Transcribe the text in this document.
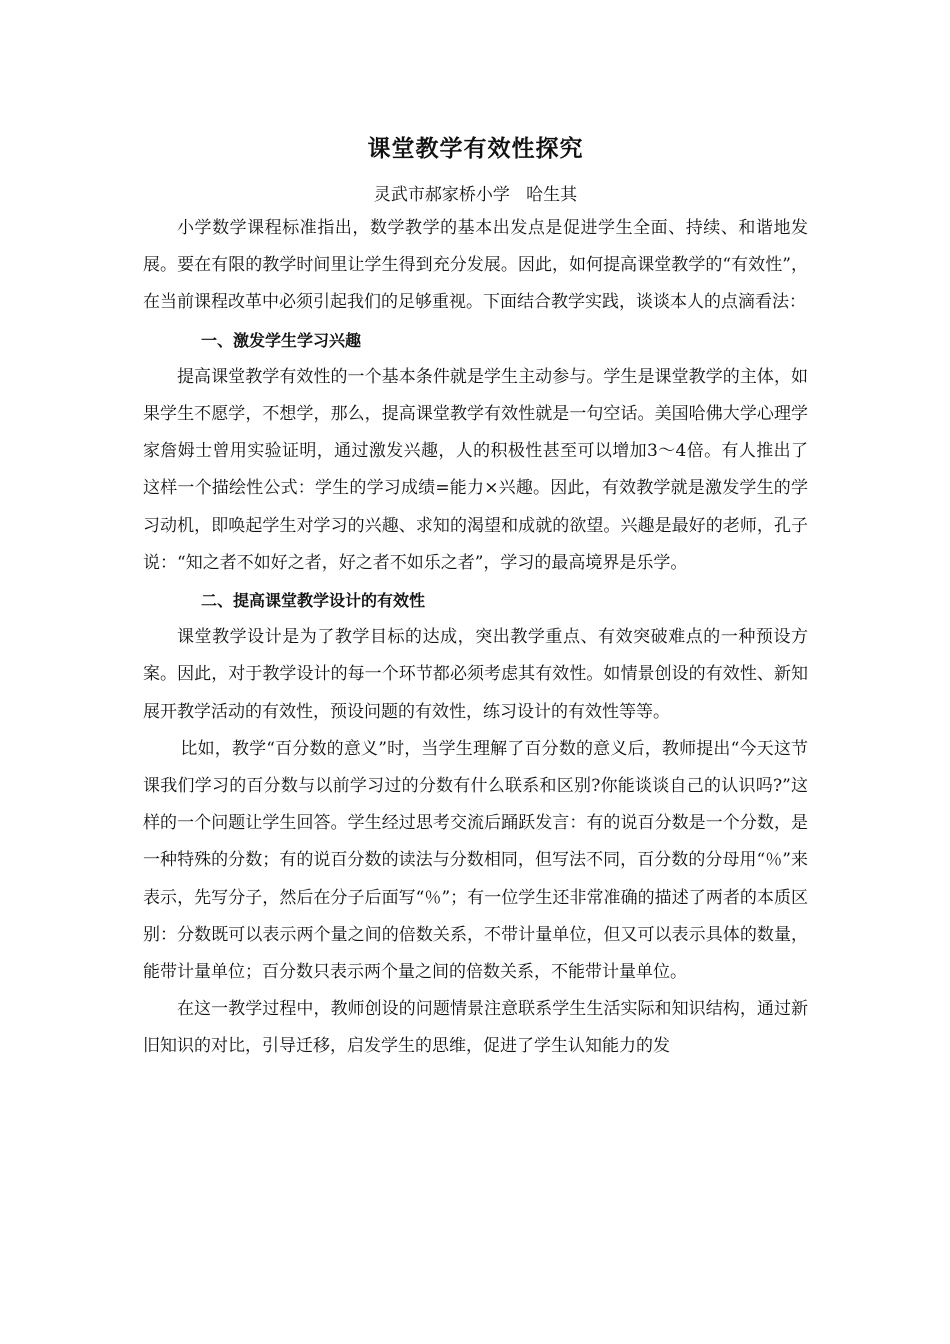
课堂教学有效性探究

灵武市郝家桥小学   哈生其

小学数学课程标准指出，数学教学的基本出发点是促进学生全面、持续、和谐地发展。要在有限的教学时间里让学生得到充分发展。因此，如何提高课堂教学的“有效性”，在当前课程改革中必须引起我们的足够重视。下面结合教学实践，谈谈本人的点滴看法：

一、激发学生学习兴趣

提高课堂教学有效性的一个基本条件就是学生主动参与。学生是课堂教学的主体，如果学生不愿学，不想学，那么，提高课堂教学有效性就是一句空话。美国哈佛大学心理学家詹姆士曾用实验证明，通过激发兴趣，人的积极性甚至可以增加3～4倍。有人推出了这样一个描绘性公式：学生的学习成绩=能力×兴趣。因此，有效教学就是激发学生的学习动机，即唤起学生对学习的兴趣、求知的渴望和成就的欲望。兴趣是最好的老师，孔子说：“知之者不如好之者，好之者不如乐之者”，学习的最高境界是乐学。

二、提高课堂教学设计的有效性

课堂教学设计是为了教学目标的达成，突出教学重点、有效突破难点的一种预设方案。因此，对于教学设计的每一个环节都必须考虑其有效性。如情景创设的有效性、新知展开教学活动的有效性，预设问题的有效性，练习设计的有效性等等。

比如，教学“百分数的意义”时，当学生理解了百分数的意义后，教师提出“今天这节课我们学习的百分数与以前学习过的分数有什么联系和区别?你能谈谈自己的认识吗?”这样的一个问题让学生回答。学生经过思考交流后踊跃发言：有的说百分数是一个分数，是一种特殊的分数；有的说百分数的读法与分数相同，但写法不同，百分数的分母用“％”来表示，先写分子，然后在分子后面写“％”；有一位学生还非常准确的描述了两者的本质区别：分数既可以表示两个量之间的倍数关系，不带计量单位，但又可以表示具体的数量，能带计量单位；百分数只表示两个量之间的倍数关系，不能带计量单位。

在这一教学过程中，教师创设的问题情景注意联系学生生活实际和知识结构，通过新旧知识的对比，引导迁移，启发学生的思维，促进了学生认知能力的发
